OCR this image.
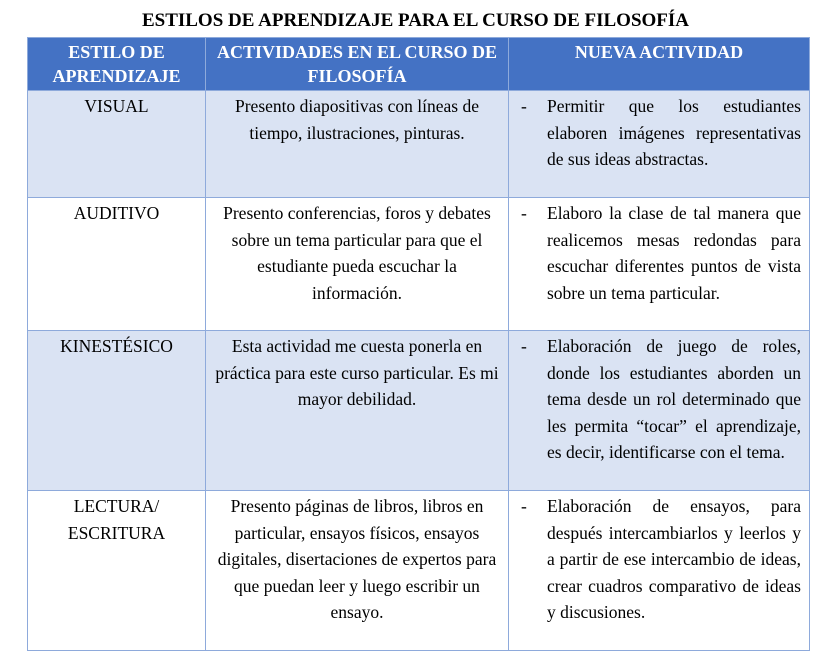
ESTILOS DE APRENDIZAJE PARA EL CURSO DE FILOSOFÍA
ESTILO DE APRENDIZAJE	ACTIVIDADES EN EL CURSO DE FILOSOFÍA	NUEVA ACTIVIDAD
VISUAL	Presento diapositivas con líneas de tiempo, ilustraciones, pinturas.	- Permitir que los estudiantes elaboren imágenes representativas de sus ideas abstractas.

AUDITIVO	Presento conferencias, foros y debates sobre un tema particular para que el estudiante pueda escuchar la información.	- Elaboro la clase de tal manera que realicemos mesas redondas para escuchar diferentes puntos de vista sobre un tema particular.

KINESTÉSICO	Esta actividad me cuesta ponerla en práctica para este curso particular. Es mi mayor debilidad.	- Elaboración de juego de roles, donde los estudiantes aborden un tema desde un rol determinado que les permita “tocar” el aprendizaje, es decir, identificarse con el tema.

LECTURA/ ESCRITURA	Presento páginas de libros, libros en particular, ensayos físicos, ensayos digitales, disertaciones de expertos para que puedan leer y luego escribir un ensayo.	- Elaboración de ensayos, para después intercambiarlos y leerlos y a partir de ese intercambio de ideas, crear cuadros comparativo de ideas y discusiones.
